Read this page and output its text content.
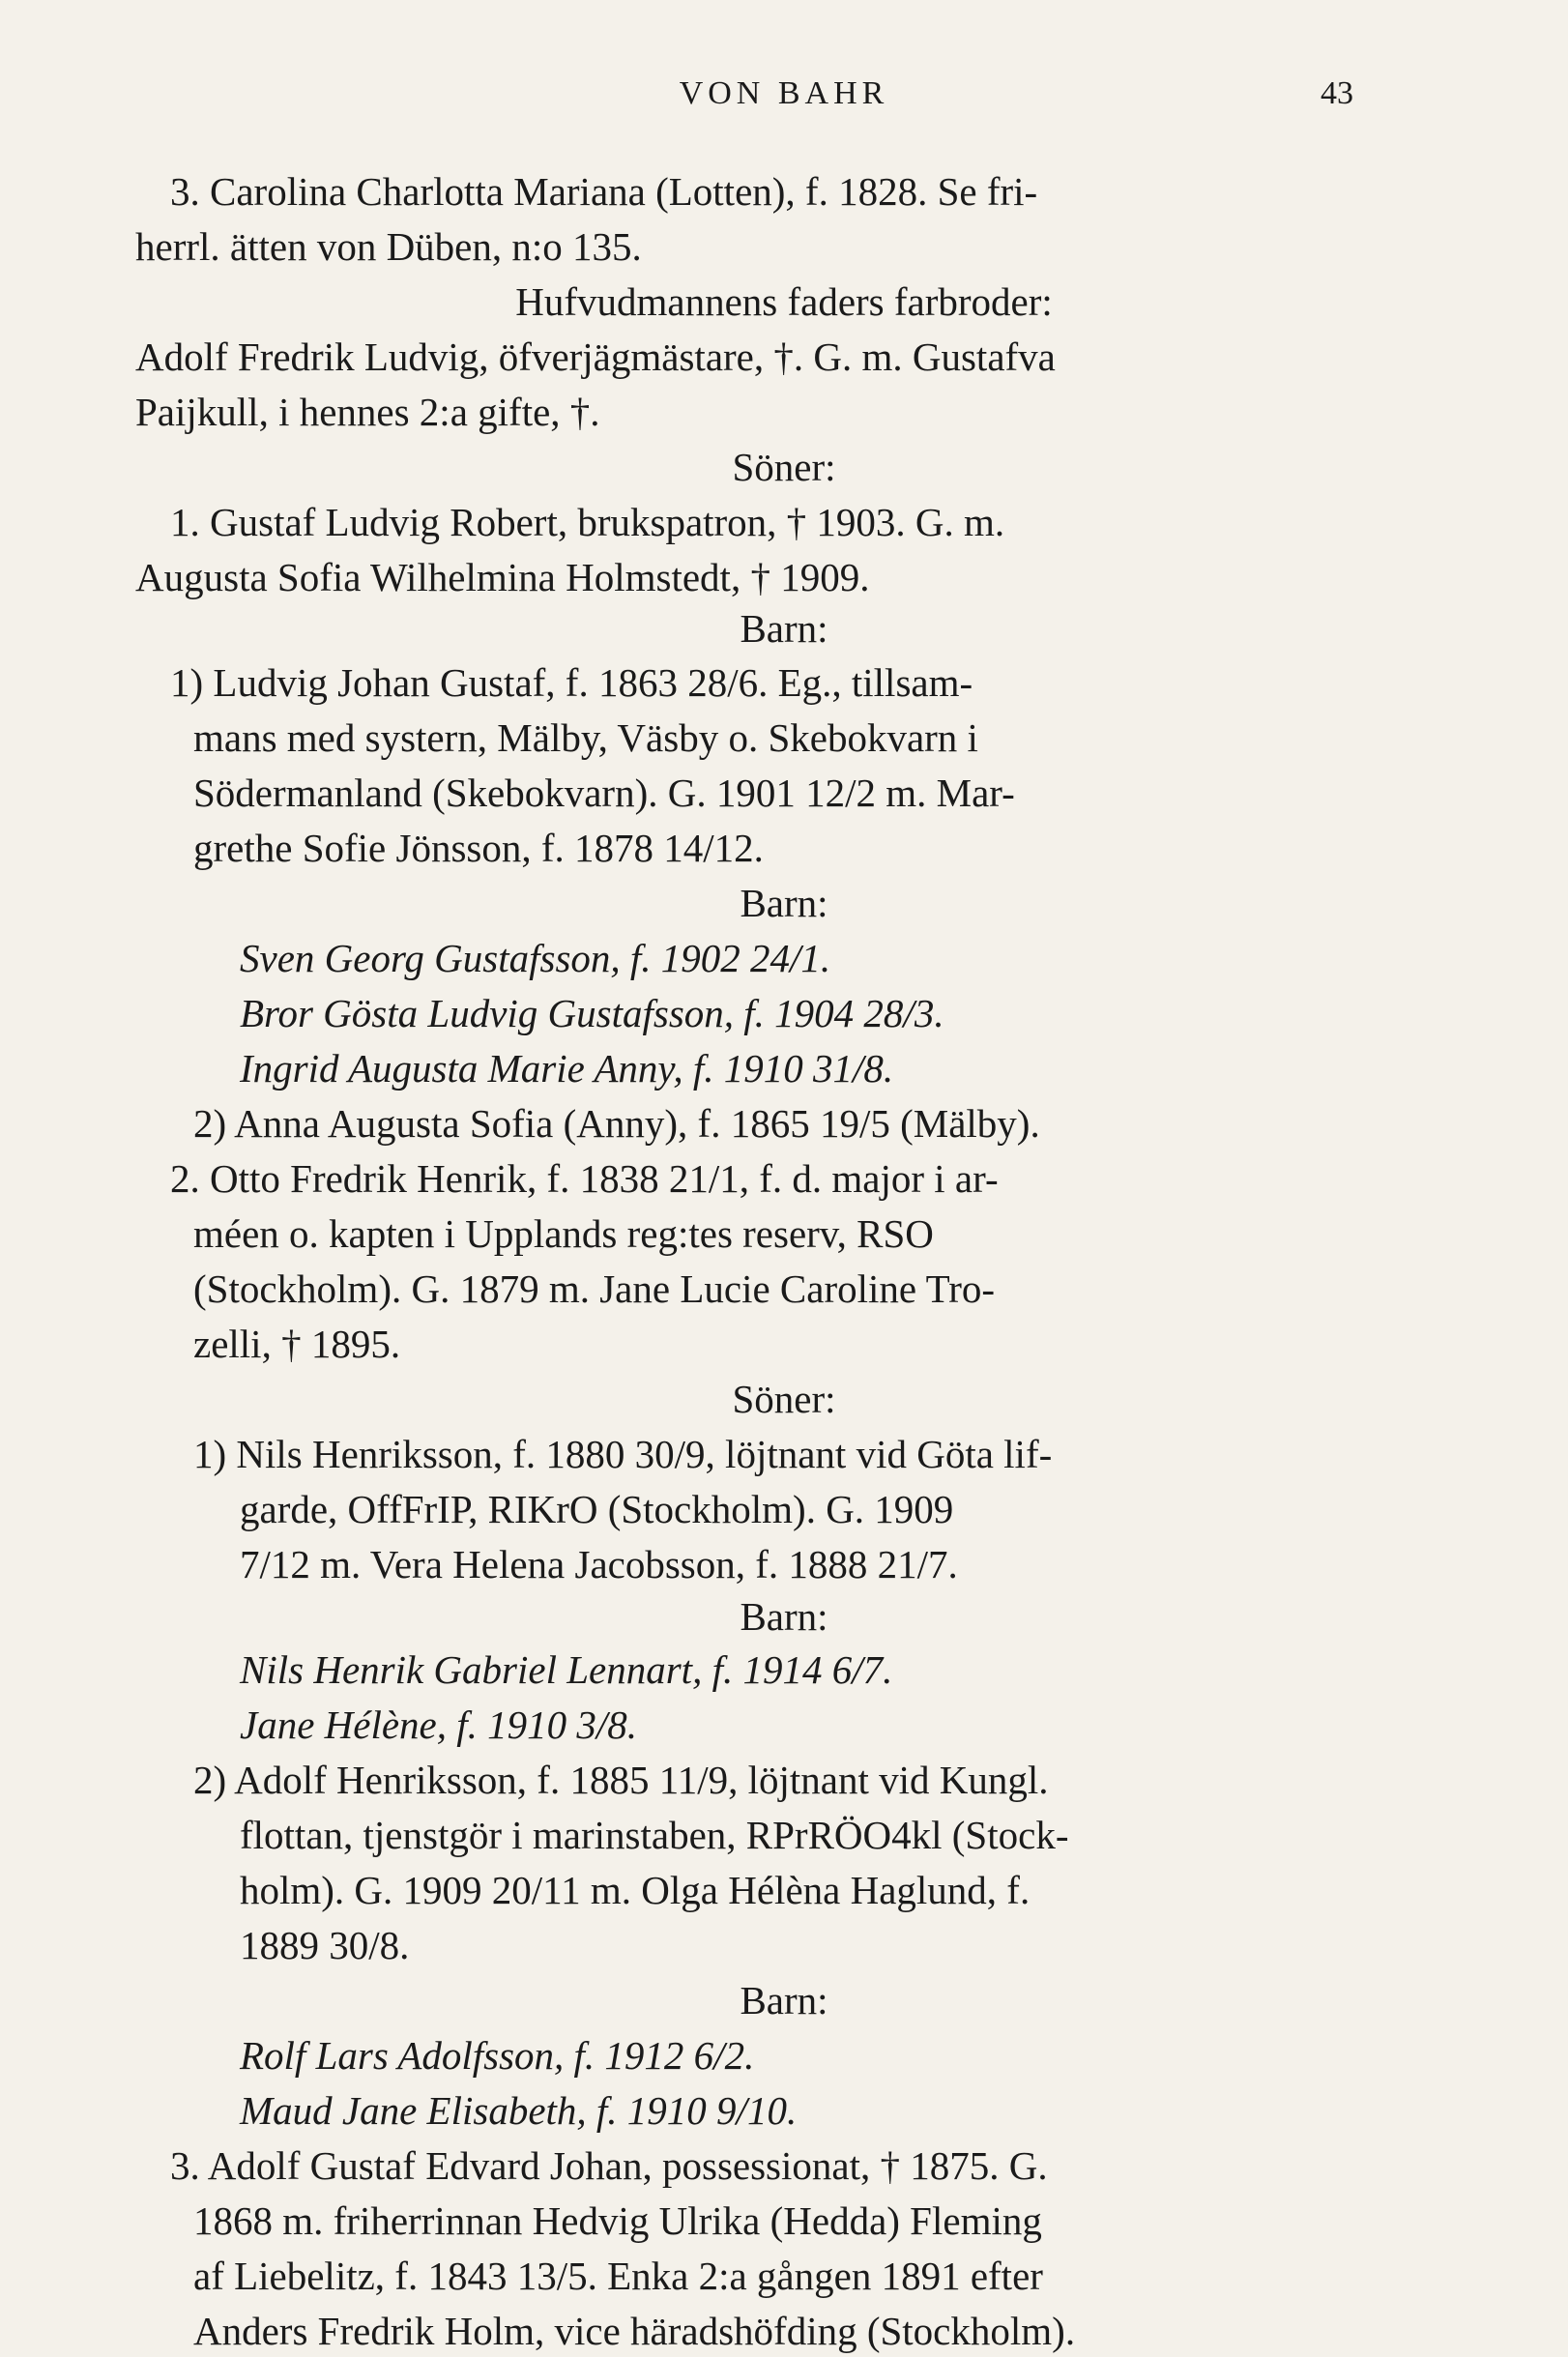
VON BAHR	43
3. Carolina Charlotta Mariana (Lotten), f. 1828. Se fri-
herrl. ätten von Düben, n:o 135.
Hufvudmannens faders farbroder:
Adolf Fredrik Ludvig, öfverjägmästare, †. G. m. Gustafva
Paijkull, i hennes 2:a gifte, †.
Söner:
1. Gustaf Ludvig Robert, brukspatron, † 1903. G. m.
Augusta Sofia Wilhelmina Holmstedt, † 1909.
Barn:
1) Ludvig Johan Gustaf, f. 1863 28/6. Eg., tillsam-
mans med systern, Mälby, Väsby o. Skebokvarn i
Södermanland (Skebokvarn). G. 1901 12/2 m. Mar-
grethe Sofie Jönsson, f. 1878 14/12.
Barn:
Sven Georg Gustafsson, f. 1902 24/1.
Bror Gösta Ludvig Gustafsson, f. 1904 28/3.
Ingrid Augusta Marie Anny, f. 1910 31/8.
2) Anna Augusta Sofia (Anny), f. 1865 19/5 (Mälby).
2. Otto Fredrik Henrik, f. 1838 21/1, f. d. major i ar-
méen o. kapten i Upplands reg:tes reserv, RSO
(Stockholm). G. 1879 m. Jane Lucie Caroline Tro-
zelli, † 1895.
Söner:
1) Nils Henriksson, f. 1880 30/9, löjtnant vid Göta lif-
garde, OffFrIP, RIKrO (Stockholm). G. 1909
7/12 m. Vera Helena Jacobsson, f. 1888 21/7.
Barn:
Nils Henrik Gabriel Lennart, f. 1914 6/7.
Jane Hélène, f. 1910 3/8.
2) Adolf Henriksson, f. 1885 11/9, löjtnant vid Kungl.
flottan, tjenstgör i marinstaben, RPrRÖO4kl (Stock-
holm). G. 1909 20/11 m. Olga Hélèna Haglund, f.
1889 30/8.
Barn:
Rolf Lars Adolfsson, f. 1912 6/2.
Maud Jane Elisabeth, f. 1910 9/10.
3. Adolf Gustaf Edvard Johan, possessionat, † 1875. G.
1868 m. friherrinnan Hedvig Ulrika (Hedda) Fleming
af Liebelitz, f. 1843 13/5. Enka 2:a gången 1891 efter
Anders Fredrik Holm, vice häradshöfding (Stockholm).
